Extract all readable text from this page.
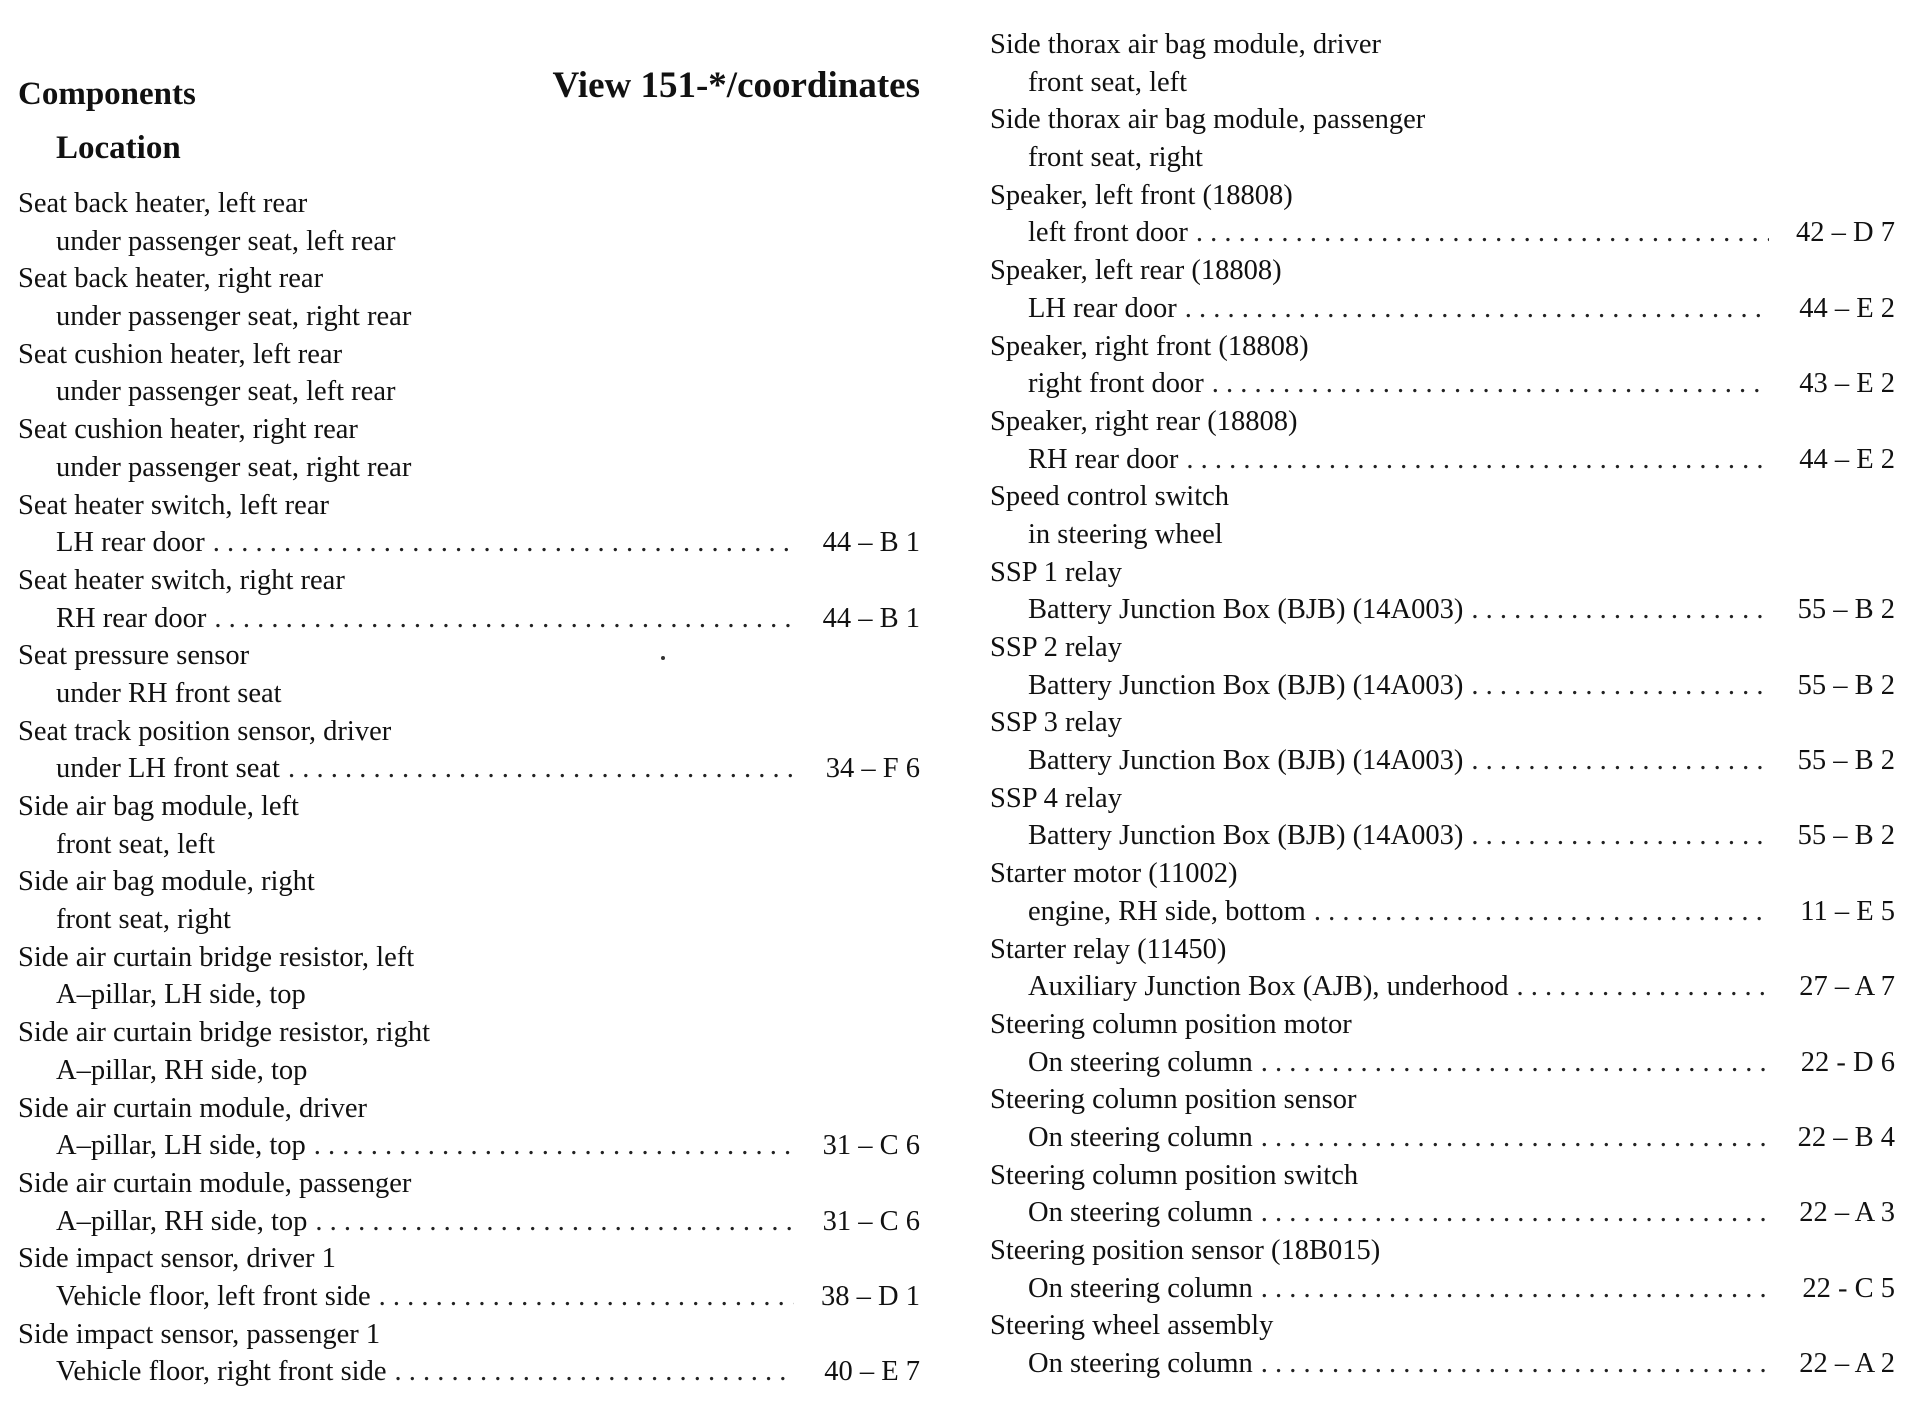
Components
Location
View 151-*/coordinates
Seat back heater, left rear
under passenger seat, left rear
Seat back heater, right rear
under passenger seat, right rear
Seat cushion heater, left rear
under passenger seat, left rear
Seat cushion heater, right rear
under passenger seat, right rear
Seat heater switch, left rear
LH rear door . . .	44 – B 1
Seat heater switch, right rear
RH rear door . . .	44 – B 1
Seat pressure sensor
under RH front seat
Seat track position sensor, driver
under LH front seat . . .	34 – F 6
Side air bag module, left
front seat, left
Side air bag module, right
front seat, right
Side air curtain bridge resistor, left
A–pillar, LH side, top
Side air curtain bridge resistor, right
A–pillar, RH side, top
Side air curtain module, driver
A–pillar, LH side, top . . .	31 – C 6
Side air curtain module, passenger
A–pillar, RH side, top . . .	31 – C 6
Side impact sensor, driver 1
Vehicle floor, left front side . . .	38 – D 1
Side impact sensor, passenger 1
Vehicle floor, right front side . . .	40 – E 7
Side thorax air bag module, driver
front seat, left
Side thorax air bag module, passenger
front seat, right
Speaker, left front (18808)
left front door . . .	42 – D 7
Speaker, left rear (18808)
LH rear door . . .	44 – E 2
Speaker, right front (18808)
right front door . . .	43 – E 2
Speaker, right rear (18808)
RH rear door . . .	44 – E 2
Speed control switch
in steering wheel
SSP 1 relay
Battery Junction Box (BJB) (14A003) . . .	55 – B 2
SSP 2 relay
Battery Junction Box (BJB) (14A003) . . .	55 – B 2
SSP 3 relay
Battery Junction Box (BJB) (14A003) . . .	55 – B 2
SSP 4 relay
Battery Junction Box (BJB) (14A003) . . .	55 – B 2
Starter motor (11002)
engine, RH side, bottom . . .	11 – E 5
Starter relay (11450)
Auxiliary Junction Box (AJB), underhood . . .	27 – A 7
Steering column position motor
On steering column . . .	22 - D 6
Steering column position sensor
On steering column . . .	22 – B 4
Steering column position switch
On steering column . . .	22 – A 3
Steering position sensor (18B015)
On steering column . . .	22 - C 5
Steering wheel assembly
On steering column . . .	22 – A 2
